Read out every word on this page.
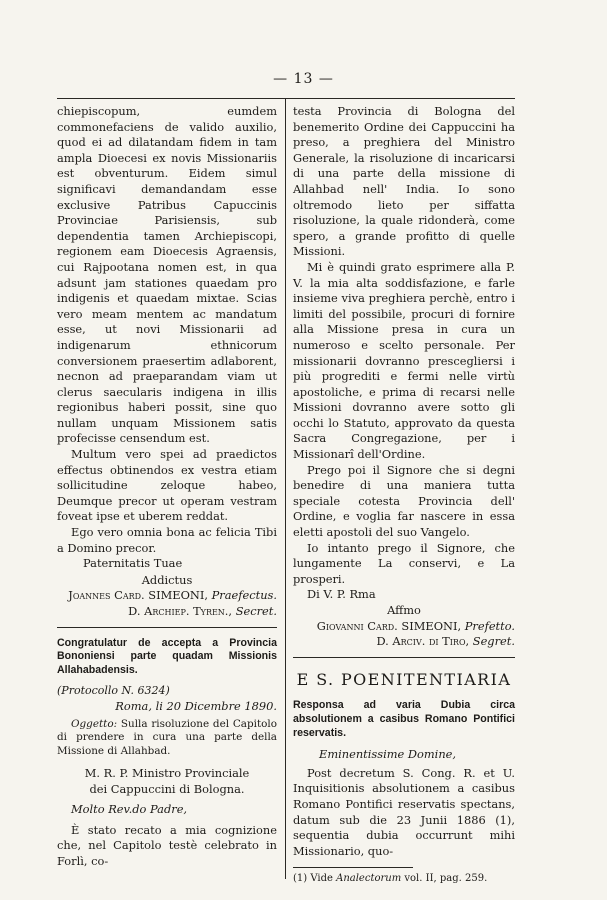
— 13 —

chiepiscopum, eumdem commonefaciens de valido auxilio, quod ei ad dilatandam fidem in tam ampla Dioecesi ex novis Missionariis est obventurum. Eidem simul significavi demandandam esse exclusive Patribus Capuccinis Provinciae Parisiensis, sub dependentia tamen Archiepiscopi, regionem eam Dioecesis Agraensis, cui Rajpootana nomen est, in qua adsunt jam stationes quaedam pro indigenis et quaedam mixtae. Scias vero meam mentem ac mandatum esse, ut novi Missionarii ad indigenarum ethnicorum conversionem praesertim adlaborent, necnon ad praeparandam viam ut clerus saecularis indigena in illis regionibus haberi possit, sine quo nullam unquam Missionem satis profecisse censendum est.

Multum vero spei ad praedictos effectus obtinendos ex vestra etiam sollicitudine zeloque habeo, Deumque precor ut operam vestram foveat ipse et uberem reddat.

Ego vero omnia bona ac felicia Tibi a Domino precor.

Paternitatis Tuae

Addictus

Joannes Card. SIMEONI, Praefectus.

D. Archiep. Tyren., Secret.

Congratulatur de accepta a Provincia Bononiensi parte quadam Missionis Allahabadensis.

(Protocollo N. 6324)

Roma, li 20 Dicembre 1890.

Oggetto: Sulla risoluzione del Capitolo di prendere in cura una parte della Missione di Allahbad.

M. R. P. Ministro Provinciale

dei Cappuccini di Bologna.

Molto Rev.do Padre,

È stato recato a mia cognizione che, nel Capitolo testè celebrato in Forlì, co-

testa Provincia di Bologna del benemerito Ordine dei Cappuccini ha preso, a preghiera del Ministro Generale, la risoluzione di incaricarsi di una parte della missione di Allahbad nell' India. Io sono oltremodo lieto per siffatta risoluzione, la quale ridonderà, come spero, a grande profitto di quelle Missioni.

Mi è quindi grato esprimere alla P. V. la mia alta soddisfazione, e farle insieme viva preghiera perchè, entro i limiti del possibile, procuri di fornire alla Missione presa in cura un numeroso e scelto personale. Per missionarii dovranno prescegliersi i più progrediti e fermi nelle virtù apostoliche, e prima di recarsi nelle Missioni dovranno avere sotto gli occhi lo Statuto, approvato da questa Sacra Congregazione, per i Missionarî dell'Ordine.

Prego poi il Signore che si degni benedire di una maniera tutta speciale cotesta Provincia dell' Ordine, e voglia far nascere in essa eletti apostoli del suo Vangelo.

Io intanto prego il Signore, che lungamente La conservi, e La prosperi.

Di V. P. Rma

Affmo

Giovanni Card. SIMEONI, Prefetto.

D. Arciv. di Tiro, Segret.

E S. POENITENTIARIA

Responsa ad varia Dubia circa absolutionem a casibus Romano Pontifici reservatis.

Eminentissime Domine,

Post decretum S. Cong. R. et U. Inquisitionis absolutionem a casibus Romano Pontifici reservatis spectans, datum sub die 23 Junii 1886 (1), sequentia dubia occurrunt mihi Missionario, quo-

(1) Vide Analectorum vol. II, pag. 259.
